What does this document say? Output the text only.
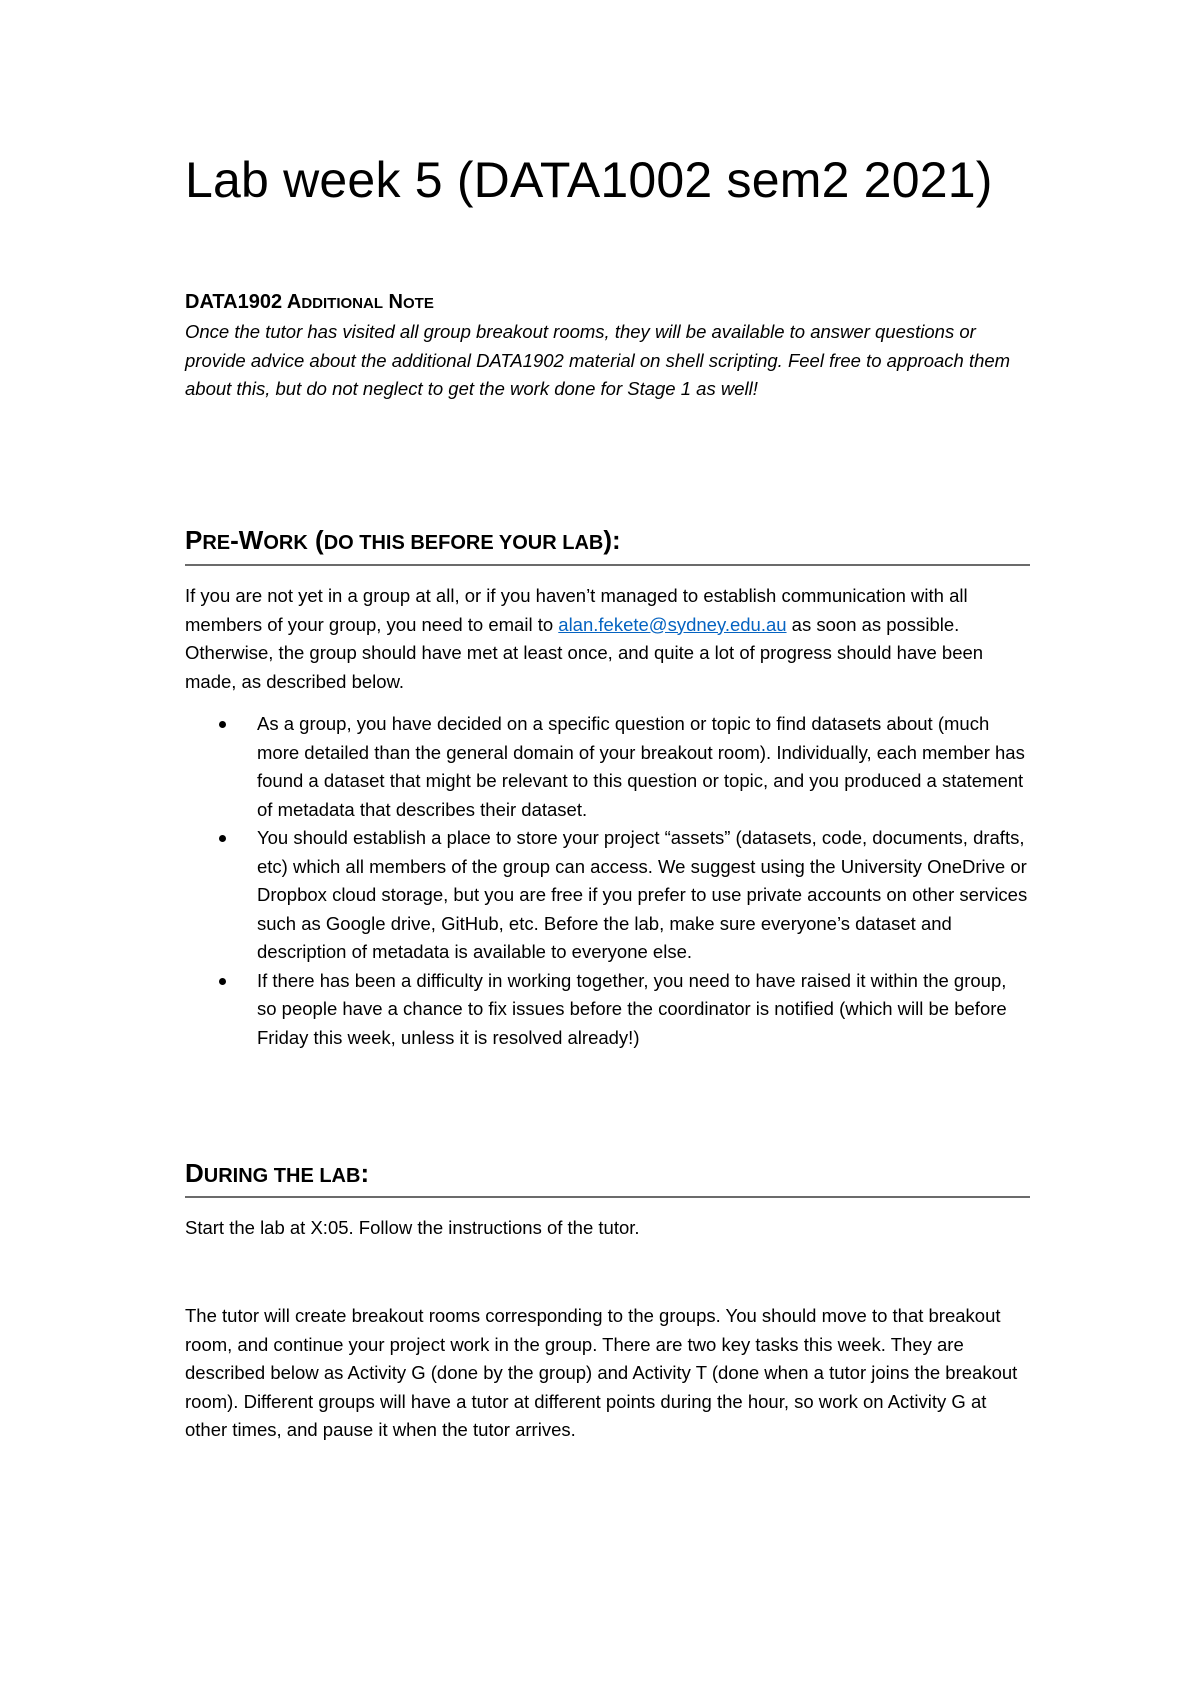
Lab week 5 (DATA1002 sem2 2021)
DATA1902 ADDITIONAL NOTE
Once the tutor has visited all group breakout rooms, they will be available to answer questions or provide advice about the additional DATA1902 material on shell scripting. Feel free to approach them about this, but do not neglect to get the work done for Stage 1 as well!
PRE-WORK (DO THIS BEFORE YOUR LAB):
If you are not yet in a group at all, or if you haven’t managed to establish communication with all members of your group, you need to email to alan.fekete@sydney.edu.au as soon as possible. Otherwise, the group should have met at least once, and quite a lot of progress should have been made, as described below.
As a group, you have decided on a specific question or topic to find datasets about (much more detailed than the general domain of your breakout room). Individually, each member has found a dataset that might be relevant to this question or topic, and you produced a statement of metadata that describes their dataset.
You should establish a place to store your project “assets” (datasets, code, documents, drafts, etc) which all members of the group can access. We suggest using the University OneDrive or Dropbox cloud storage, but you are free if you prefer to use private accounts on other services such as Google drive, GitHub, etc. Before the lab, make sure everyone’s dataset and description of metadata is available to everyone else.
If there has been a difficulty in working together, you need to have raised it within the group, so people have a chance to fix issues before the coordinator is notified (which will be before Friday this week, unless it is resolved already!)
DURING THE LAB:
Start the lab at X:05. Follow the instructions of the tutor.
The tutor will create breakout rooms corresponding to the groups. You should move to that breakout room, and continue your project work in the group. There are two key tasks this week. They are described below as Activity G (done by the group) and Activity T (done when a tutor joins the breakout room). Different groups will have a tutor at different points during the hour, so work on Activity G at other times, and pause it when the tutor arrives.
